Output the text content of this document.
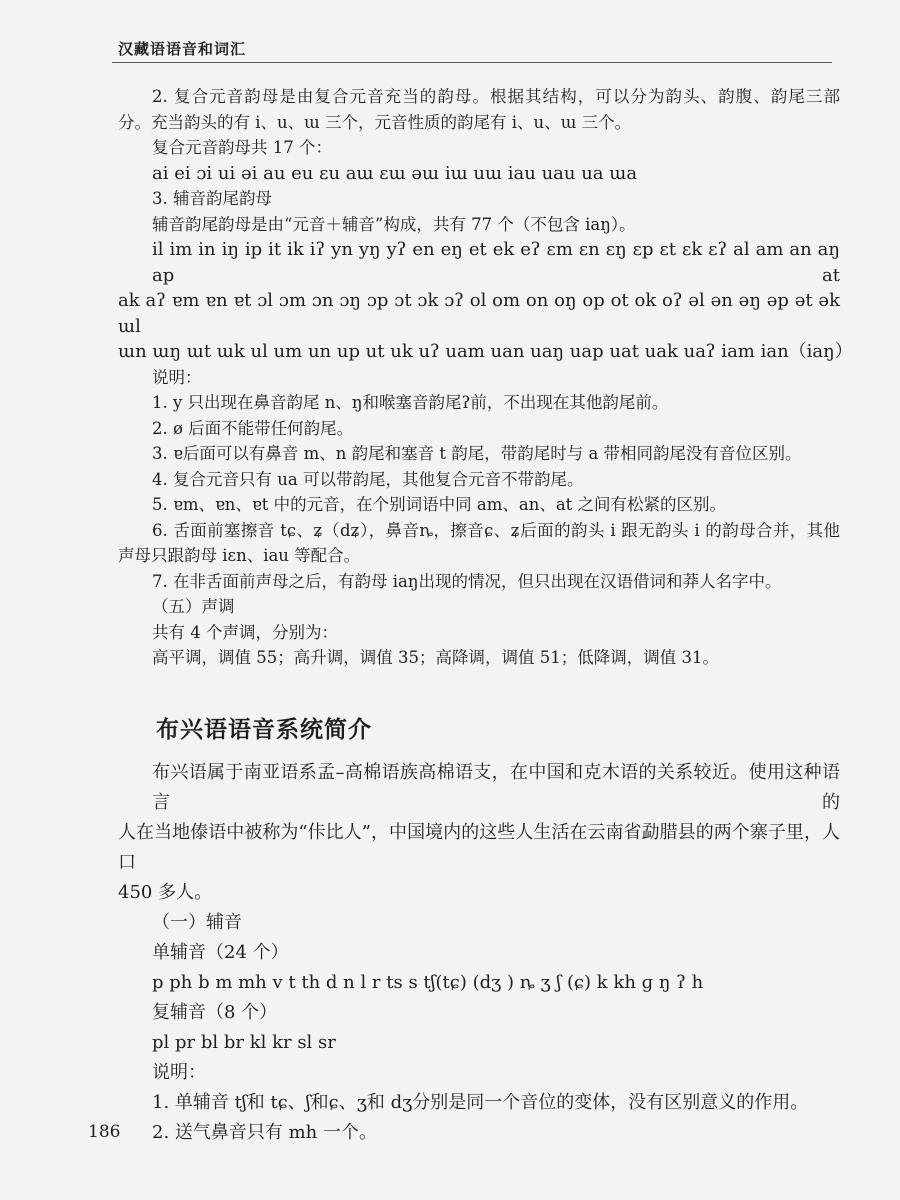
汉藏语语音和词汇
2. 复合元音韵母是由复合元音充当的韵母。根据其结构，可以分为韵头、韵腹、韵尾三部
分。充当韵头的有 i、u、ɯ 三个，元音性质的韵尾有 i、u、ɯ 三个。
复合元音韵母共 17 个：
ai ei ɔi ui əi au eu ɛu aɯ ɛɯ əɯ iɯ uɯ iau uau ua ɯa
3. 辅音韵尾韵母
辅音韵尾韵母是由“元音＋辅音”构成，共有 77 个（不包含 iaŋ）。
il im in iŋ ip it ik iʔ yn yŋ yʔ en eŋ et ek eʔ ɛm ɛn ɛŋ ɛp ɛt ɛk ɛʔ al am an aŋ ap at
ak aʔ ɐm ɐn ɐt ɔl ɔm ɔn ɔŋ ɔp ɔt ɔk ɔʔ ol om on oŋ op ot ok oʔ əl ən əŋ əp ət ək ɯl
ɯn ɯŋ ɯt ɯk ul um un up ut uk uʔ uam uan uaŋ uap uat uak uaʔ iam ian（iaŋ）
说明：
1. y 只出现在鼻音韵尾 n、ŋ和喉塞音韵尾ʔ前，不出现在其他韵尾前。
2. ø 后面不能带任何韵尾。
3. ɐ后面可以有鼻音 m、n 韵尾和塞音 t 韵尾，带韵尾时与 a 带相同韵尾没有音位区别。
4. 复合元音只有 ua 可以带韵尾，其他复合元音不带韵尾。
5. ɐm、ɐn、ɐt 中的元音，在个别词语中同 am、an、at 之间有松紧的区别。
6. 舌面前塞擦音 tɕ、ʑ（dʑ），鼻音ȵ，擦音ɕ、ʑ后面的韵头 i 跟无韵头 i 的韵母合并，其他
声母只跟韵母 iɛn、iau 等配合。
7. 在非舌面前声母之后，有韵母 iaŋ出现的情况，但只出现在汉语借词和莽人名字中。
（五）声调
共有 4 个声调，分别为：
高平调，调值 55；高升调，调值 35；高降调，调值 51；低降调，调值 31。
布兴语语音系统简介
布兴语属于南亚语系孟–高棉语族高棉语支，在中国和克木语的关系较近。使用这种语言的
人在当地傣语中被称为“佧比人”，中国境内的这些人生活在云南省勐腊县的两个寨子里，人口
450 多人。
（一）辅音
单辅音（24 个）
p ph b m mh v t th d n l r ts s tʃ(tɕ) (dʒ ) ȵ ʒ ʃ (ɕ) k kh ɡ ŋ ʔ h
复辅音（8 个）
pl pr bl br kl kr sl sr
说明：
1. 单辅音 tʃ和 tɕ、ʃ和ɕ、ʒ和 dʒ分别是同一个音位的变体，没有区别意义的作用。
2. 送气鼻音只有 mh 一个。
186
